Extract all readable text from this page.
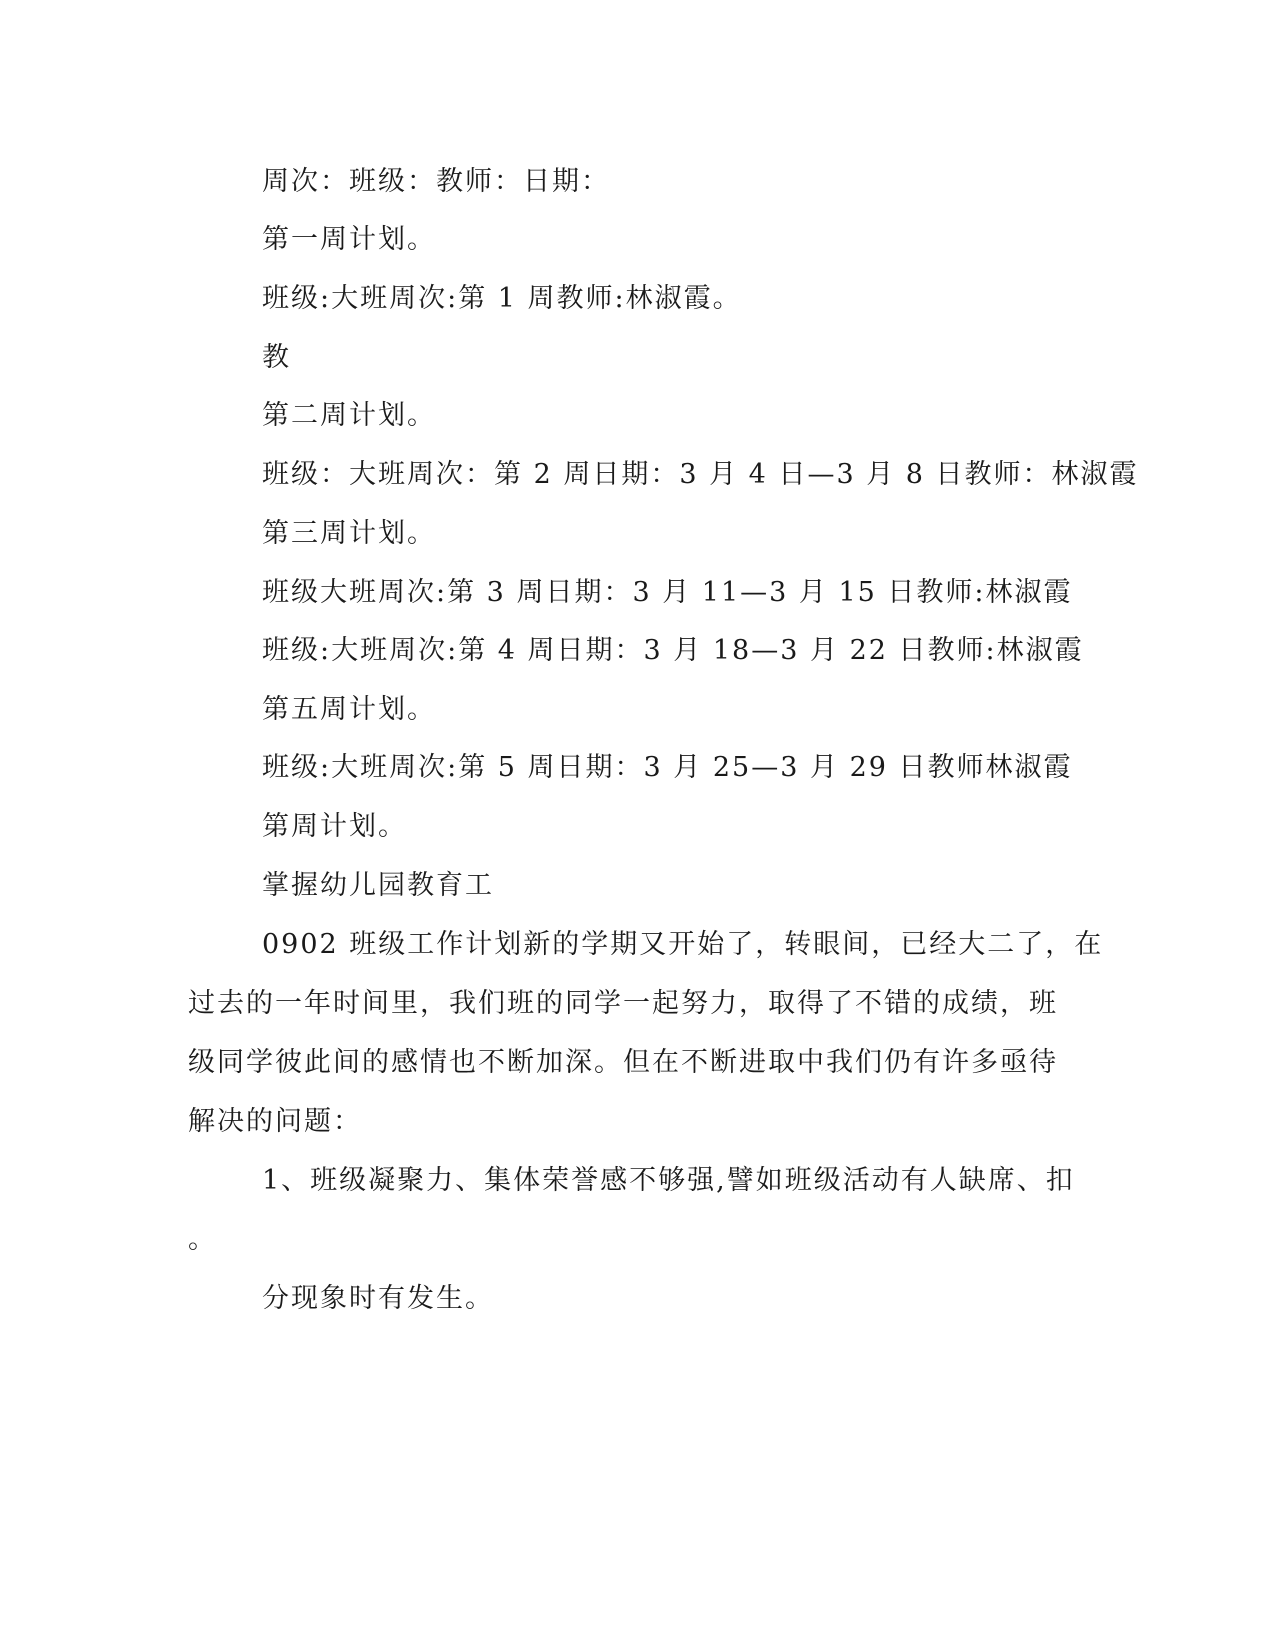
周次：班级：教师：日期：
第一周计划。
班级:大班周次:第 1 周教师:林淑霞。
教
第二周计划。
班级：大班周次：第 2 周日期：3 月 4 日—3 月 8 日教师：林淑霞
第三周计划。
班级大班周次:第 3 周日期：3 月 11—3 月 15 日教师:林淑霞
班级:大班周次:第 4 周日期：3 月 18—3 月 22 日教师:林淑霞
第五周计划。
班级:大班周次:第 5 周日期：3 月 25—3 月 29 日教师林淑霞
第周计划。
掌握幼儿园教育工
0902 班级工作计划新的学期又开始了，转眼间，已经大二了，在
过去的一年时间里，我们班的同学一起努力，取得了不错的成绩，班
级同学彼此间的感情也不断加深。但在不断进取中我们仍有许多亟待
解决的问题：
1、班级凝聚力、集体荣誉感不够强,譬如班级活动有人缺席、扣
。
分现象时有发生。
